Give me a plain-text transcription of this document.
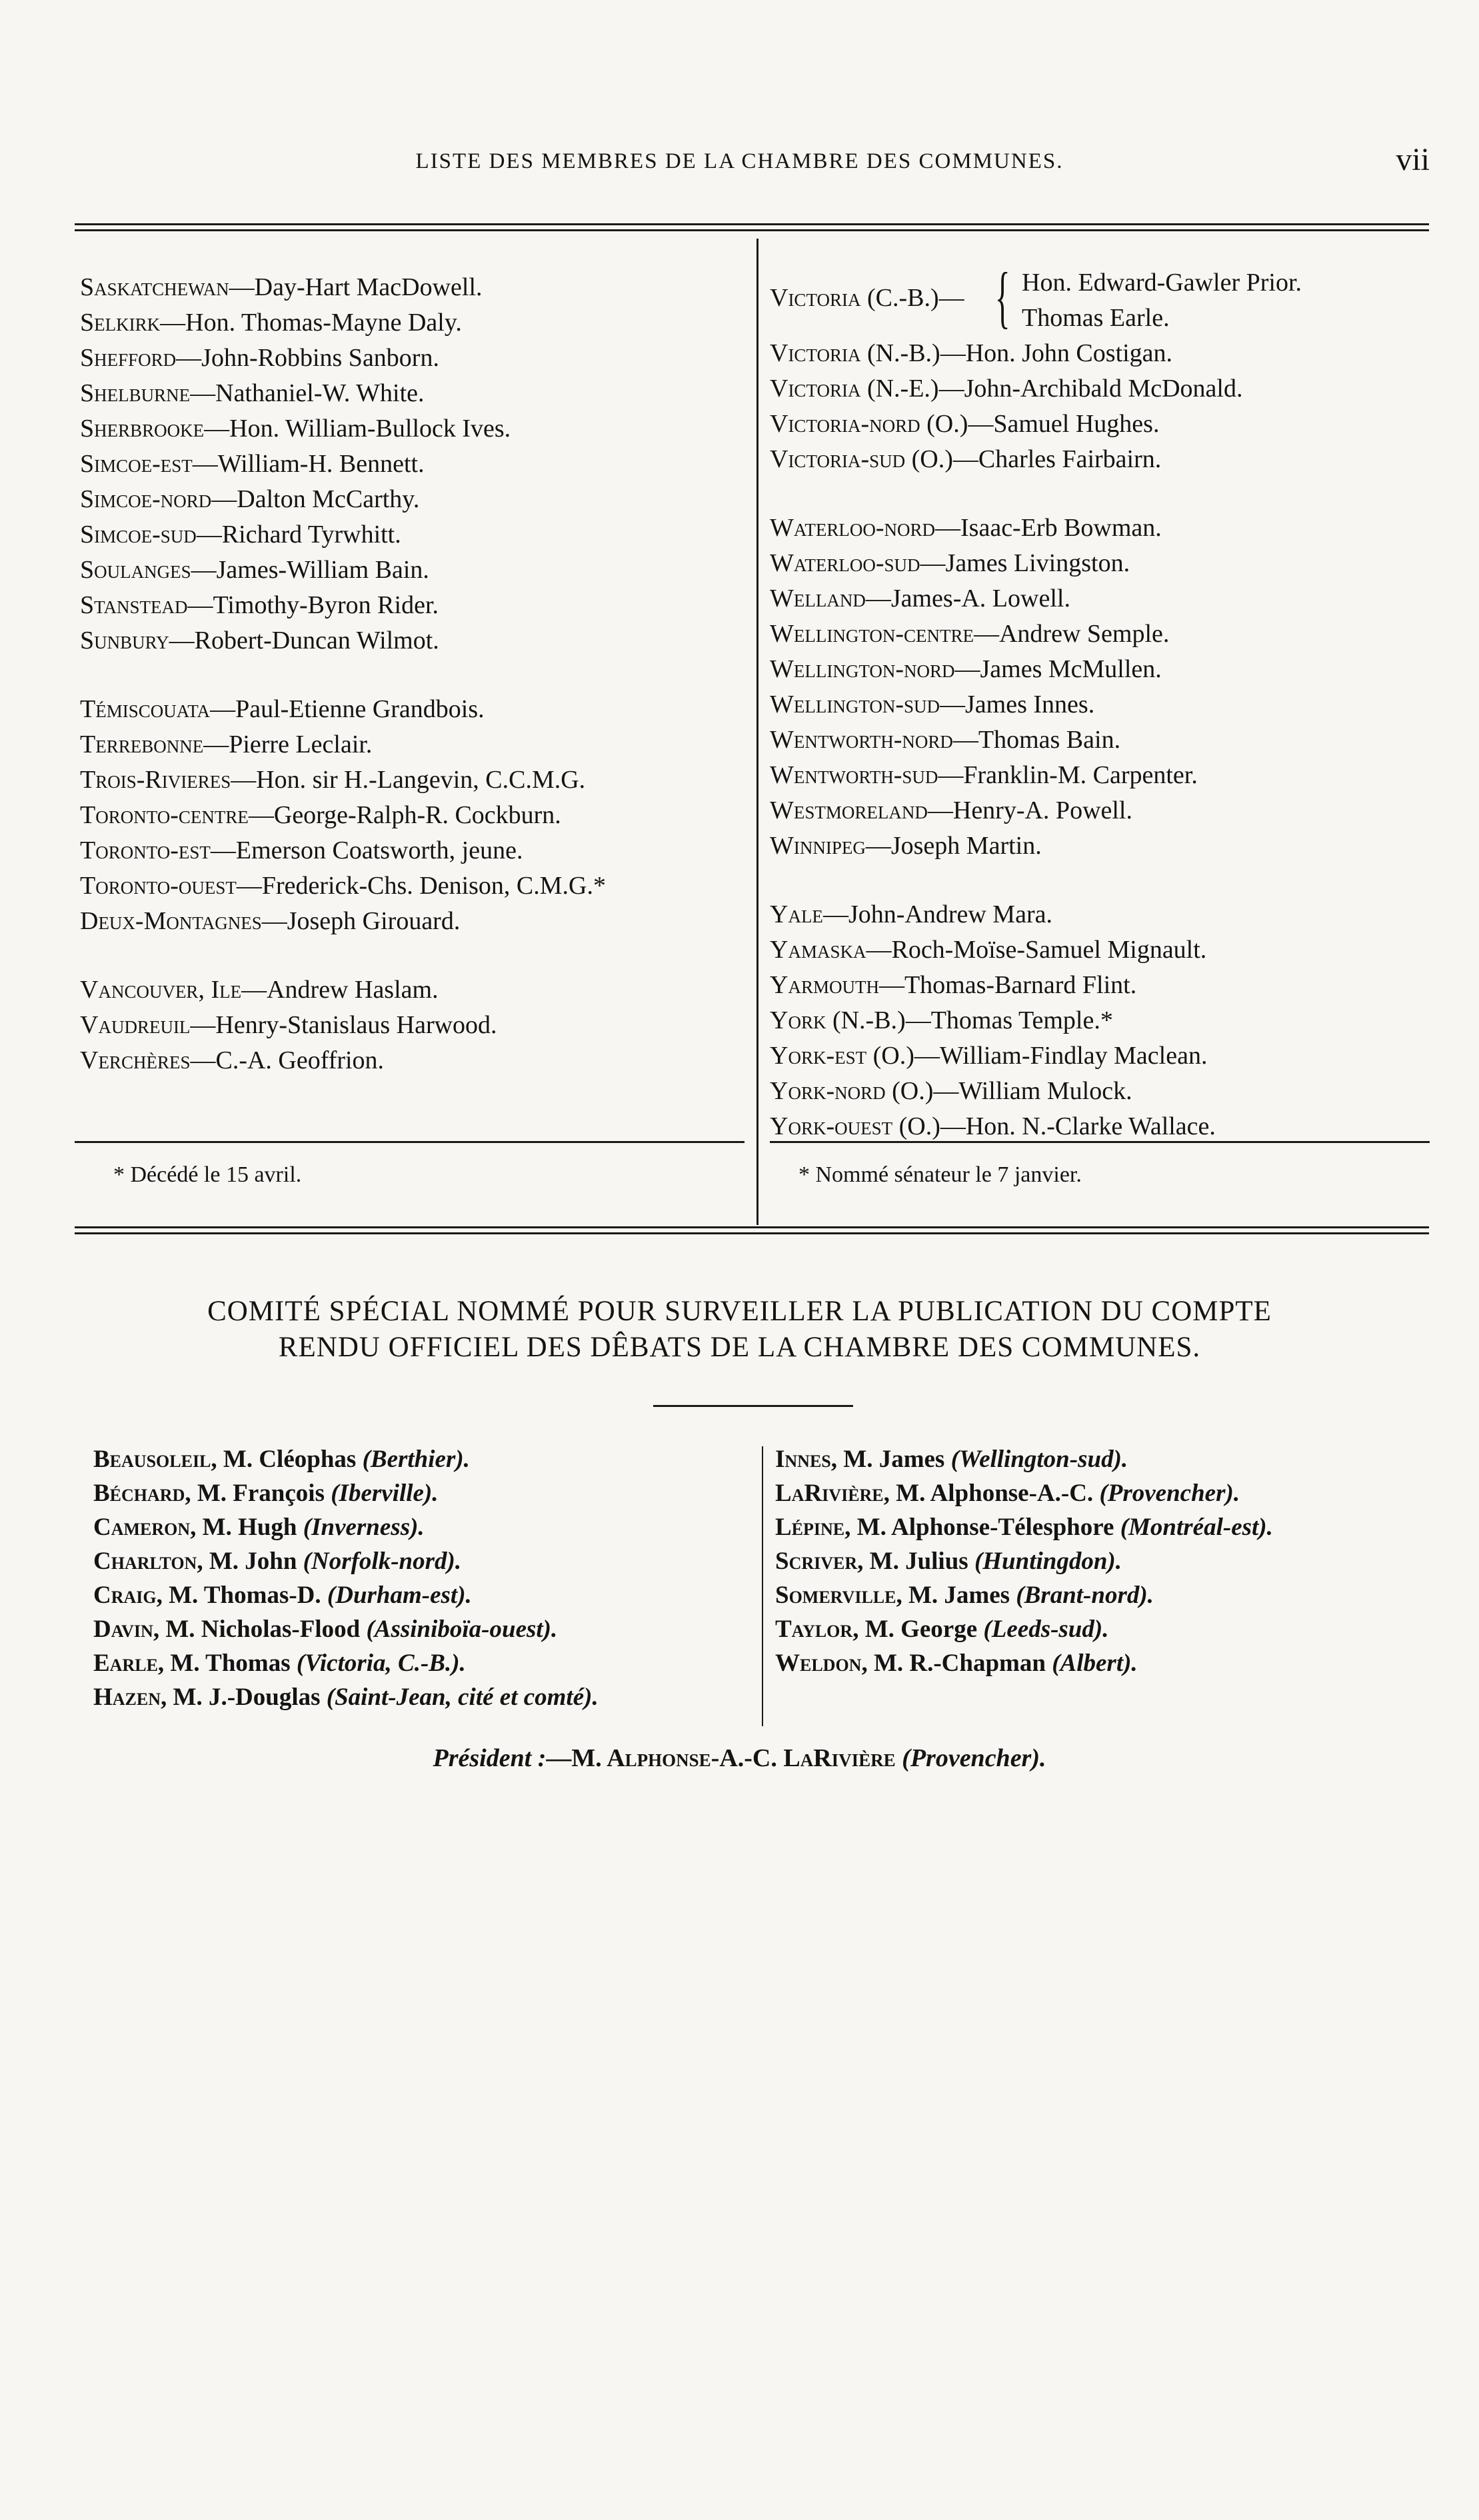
LISTE DES MEMBRES DE LA CHAMBRE DES COMMUNES.	vii
Saskatchewan—Day-Hart MacDowell.
Selkirk—Hon. Thomas-Mayne Daly.
Shefford—John-Robbins Sanborn.
Shelburne—Nathaniel-W. White.
Sherbrooke—Hon. William-Bullock Ives.
Simcoe-est—William-H. Bennett.
Simcoe-nord—Dalton McCarthy.
Simcoe-sud—Richard Tyrwhitt.
Soulanges—James-William Bain.
Stanstead—Timothy-Byron Rider.
Sunbury—Robert-Duncan Wilmot.
Témiscouata—Paul-Etienne Grandbois.
Terrebonne—Pierre Leclair.
Trois-Rivieres—Hon. sir H.-Langevin, C.C.M.G.
Toronto-centre—George-Ralph-R. Cockburn.
Toronto-est—Emerson Coatsworth, jeune.
Toronto-ouest—Frederick-Chs. Denison, C.M.G.*
Deux-Montagnes—Joseph Girouard.
Vancouver, Ile—Andrew Haslam.
Vaudreuil—Henry-Stanislaus Harwood.
Verchères—C.-A. Geoffrion.
Victoria (C.-B.)— { Hon. Edward-Gawler Prior.
Thomas Earle.
Victoria (N.-B.)—Hon. John Costigan.
Victoria (N.-E.)—John-Archibald McDonald.
Victoria-nord (O.)—Samuel Hughes.
Victoria-sud (O.)—Charles Fairbairn.
Waterloo-nord—Isaac-Erb Bowman.
Waterloo-sud—James Livingston.
Welland—James-A. Lowell.
Wellington-centre—Andrew Semple.
Wellington-nord—James McMullen.
Wellington-sud—James Innes.
Wentworth-nord—Thomas Bain.
Wentworth-sud—Franklin-M. Carpenter.
Westmoreland—Henry-A. Powell.
Winnipeg—Joseph Martin.
Yale—John-Andrew Mara.
Yamaska—Roch-Moïse-Samuel Mignault.
Yarmouth—Thomas-Barnard Flint.
York (N.-B.)—Thomas Temple.*
York-est (O.)—William-Findlay Maclean.
York-nord (O.)—William Mulock.
York-ouest (O.)—Hon. N.-Clarke Wallace.
* Décédé le 15 avril.	* Nommé sénateur le 7 janvier.
COMITÉ SPÉCIAL NOMMÉ POUR SURVEILLER LA PUBLICATION DU COMPTE
RENDU OFFICIEL DES DÊBATS DE LA CHAMBRE DES COMMUNES.
Beausoleil, M. Cléophas (Berthier).
Béchard, M. François (Iberville).
Cameron, M. Hugh (Inverness).
Charlton, M. John (Norfolk-nord).
Craig, M. Thomas-D. (Durham-est).
Davin, M. Nicholas-Flood (Assiniboïa-ouest).
Earle, M. Thomas (Victoria, C.-B.).
Hazen, M. J.-Douglas (Saint-Jean, cité et comté).
Innes, M. James (Wellington-sud).
LaRivière, M. Alphonse-A.-C. (Provencher).
Lépine, M. Alphonse-Télesphore (Montréal-est).
Scriver, M. Julius (Huntingdon).
Somerville, M. James (Brant-nord).
Taylor, M. George (Leeds-sud).
Weldon, M. R.-Chapman (Albert).
Président :—M. Alphonse-A.-C. LaRivière (Provencher).
